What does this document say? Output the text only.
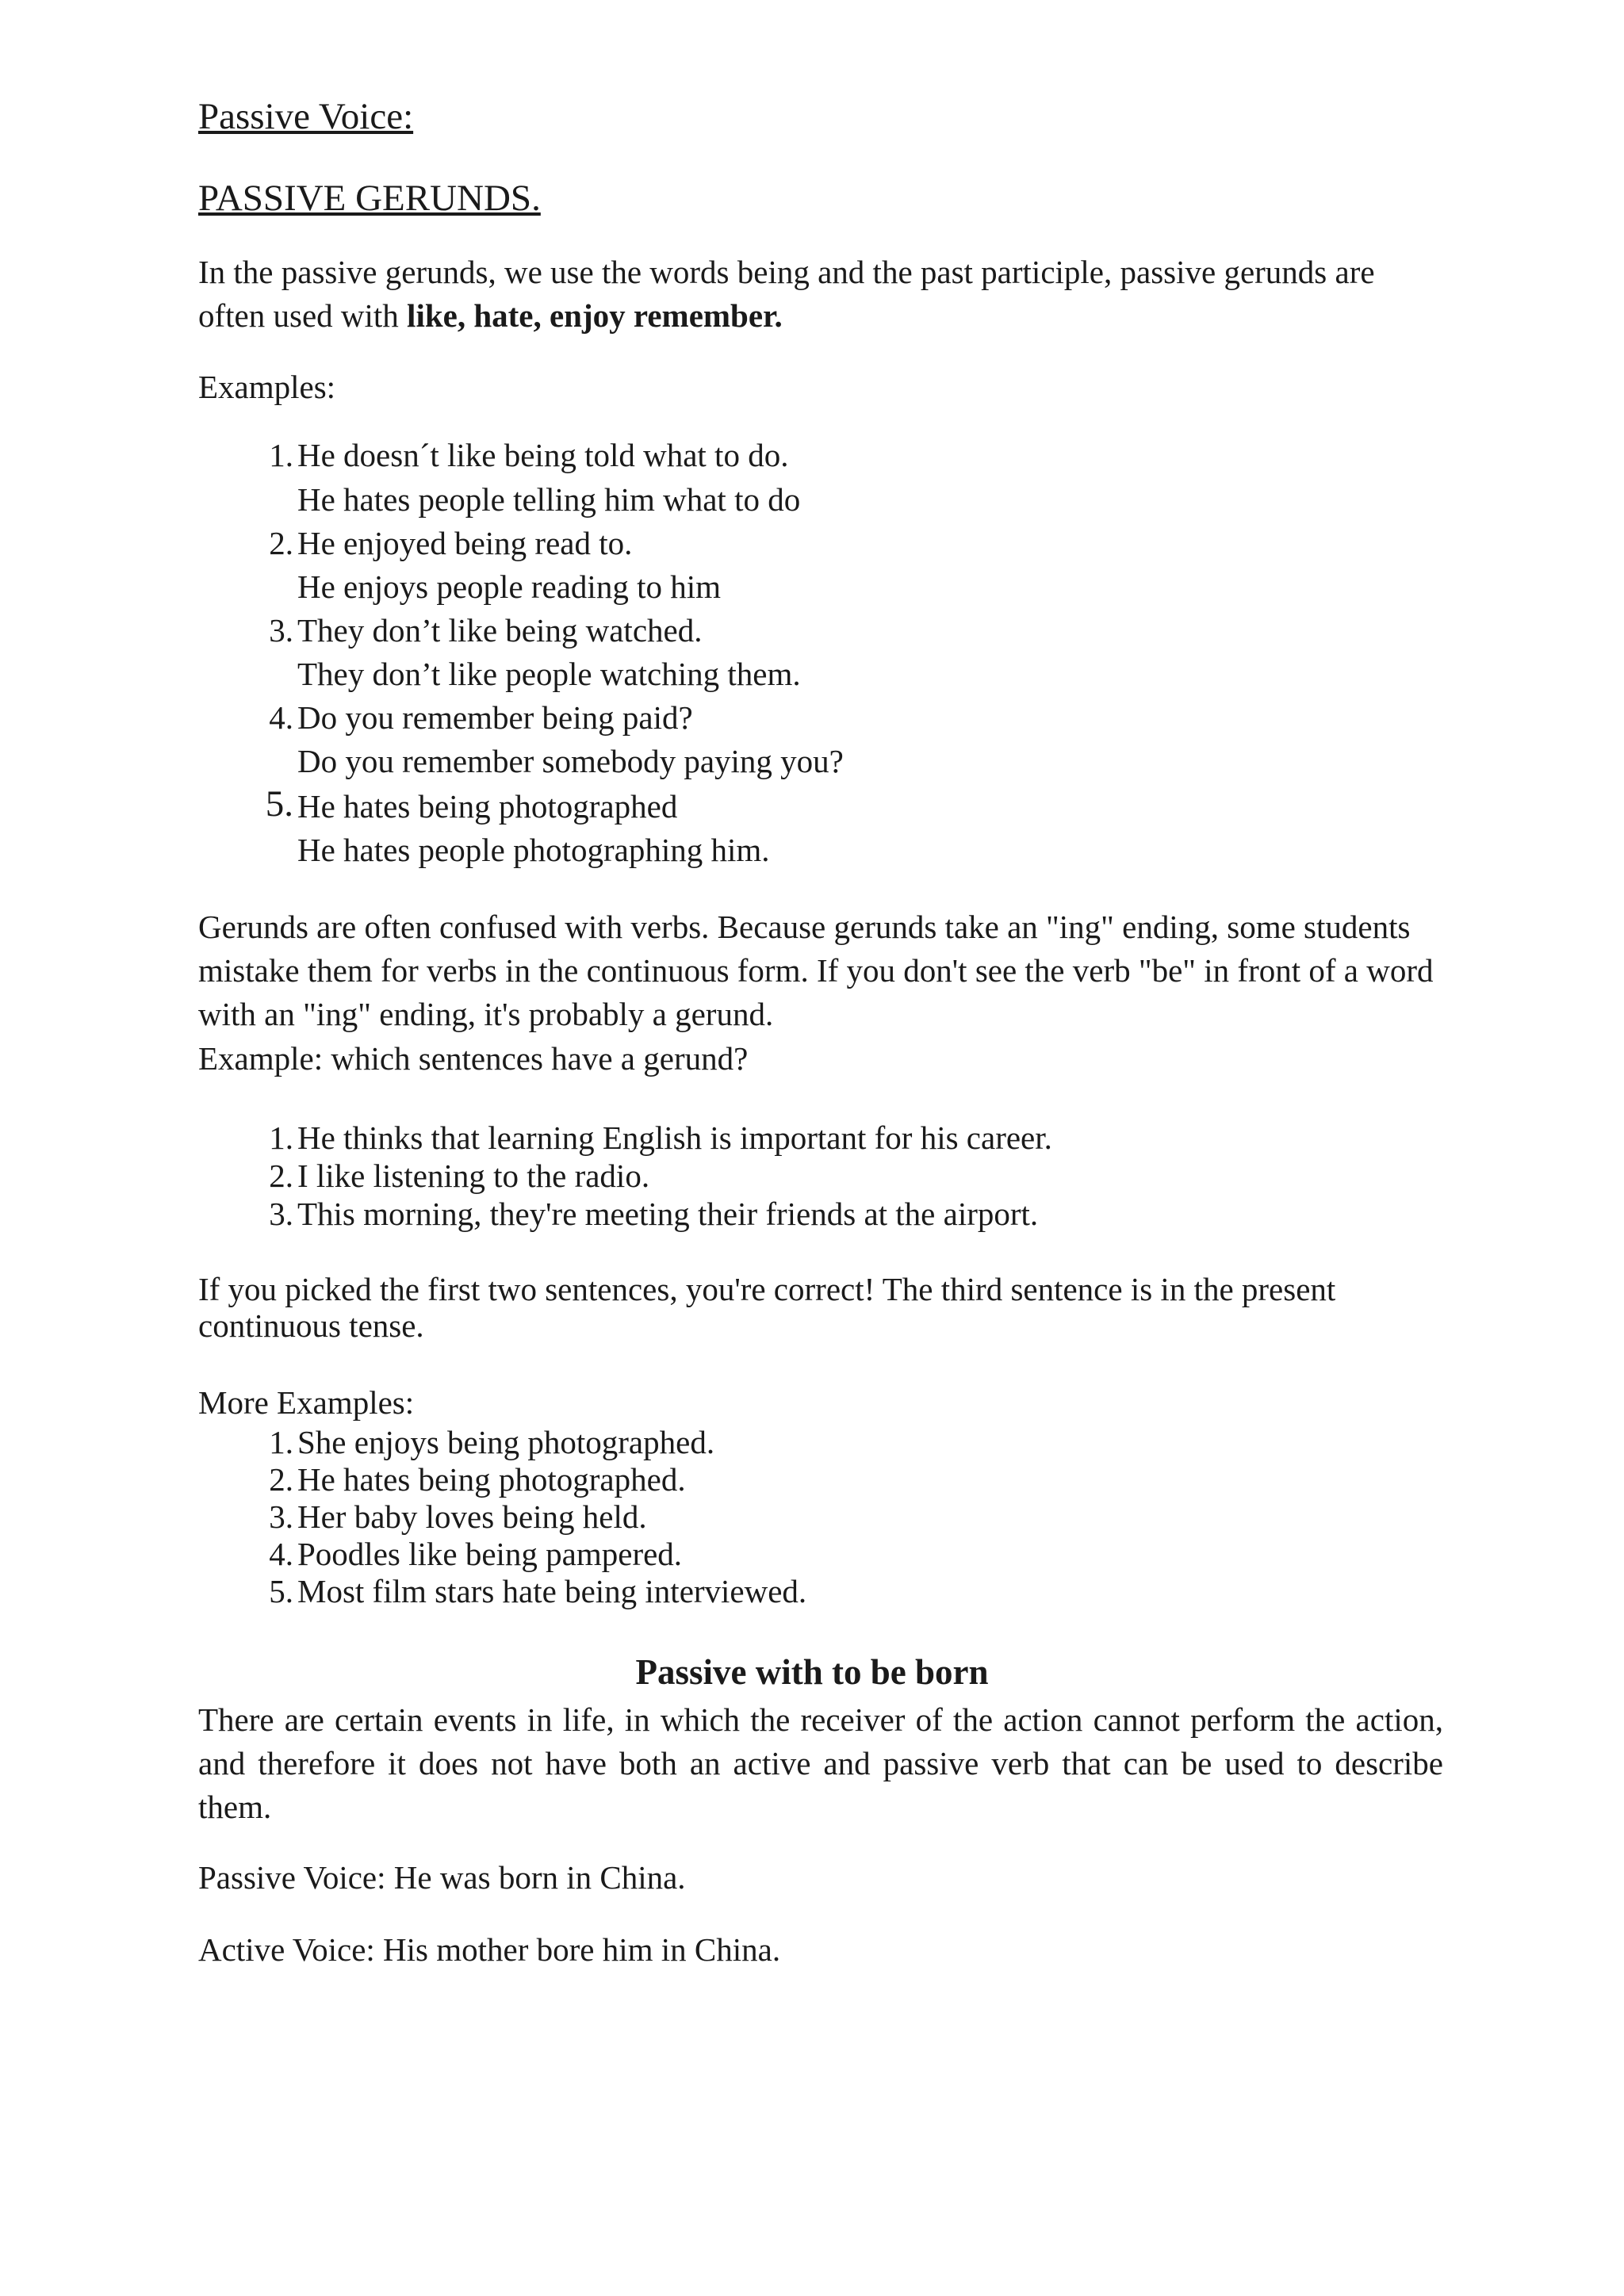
Passive Voice:
PASSIVE GERUNDS.
In the passive gerunds, we use the words being and the past participle, passive gerunds are often used with like, hate, enjoy remember.
Examples:
1. He doesn´t like being told what to do.
He hates people telling him what to do
2. He enjoyed being read to.
He enjoys people reading to him
3. They don’t like being watched.
They don’t like people watching them.
4. Do you remember being paid?
Do you remember somebody paying you?
5. He hates being photographed
He hates people photographing him.
Gerunds are often confused with verbs. Because gerunds take an "ing" ending, some students mistake them for verbs in the continuous form. If you don't see the verb "be" in front of a word with an "ing" ending, it's probably a gerund.
Example: which sentences have a gerund?
1. He thinks that learning English is important for his career.
2. I like listening to the radio.
3. This morning, they're meeting their friends at the airport.
If you picked the first two sentences, you're correct! The third sentence is in the present continuous tense.
More Examples:
1. She enjoys being photographed.
2. He hates being photographed.
3. Her baby loves being held.
4. Poodles like being pampered.
5. Most film stars hate being interviewed.
Passive with to be born
There are certain events in life, in which the receiver of the action cannot perform the action, and therefore it does not have both an active and passive verb that can be used to describe them.
Passive Voice: He was born in China.
Active Voice: His mother bore him in China.
